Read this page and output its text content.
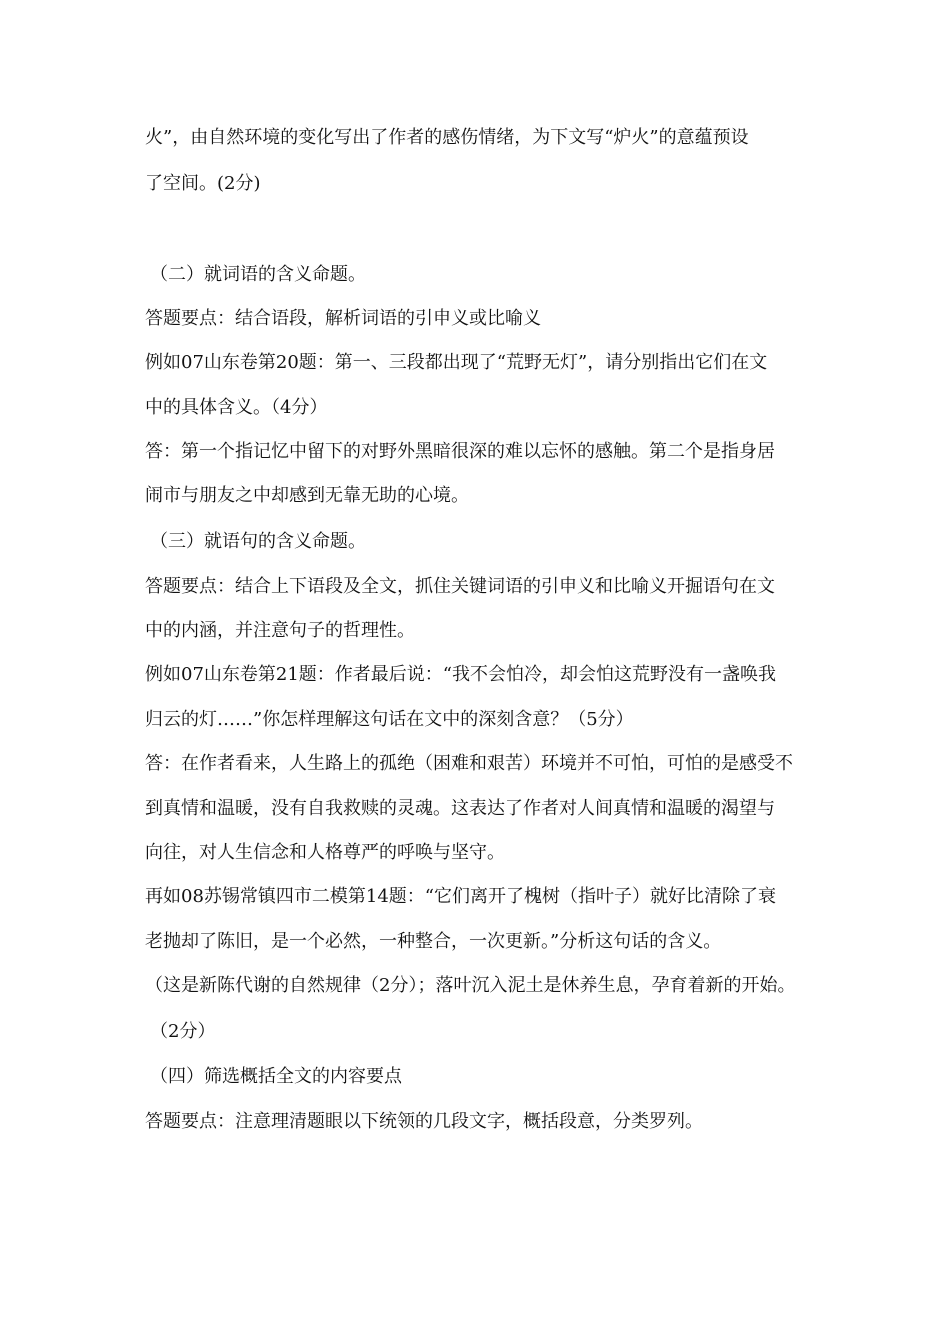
火”，由自然环境的变化写出了作者的感伤情绪，为下文写“炉火”的意蕴预设
了空间。(2分)
（二）就词语的含义命题。
答题要点：结合语段，解析词语的引申义或比喻义
例如07山东卷第20题：第一、三段都出现了“荒野无灯”，请分别指出它们在文
中的具体含义。（4分）
答：第一个指记忆中留下的对野外黑暗很深的难以忘怀的感触。第二个是指身居
闹市与朋友之中却感到无靠无助的心境。
（三）就语句的含义命题。
答题要点：结合上下语段及全文，抓住关键词语的引申义和比喻义开掘语句在文
中的内涵，并注意句子的哲理性。
例如07山东卷第21题：作者最后说：“我不会怕冷，却会怕这荒野没有一盏唤我
归云的灯……”你怎样理解这句话在文中的深刻含意？（5分）
答：在作者看来，人生路上的孤绝（困难和艰苦）环境并不可怕，可怕的是感受不
到真情和温暖，没有自我救赎的灵魂。这表达了作者对人间真情和温暖的渴望与
向往，对人生信念和人格尊严的呼唤与坚守。
再如08苏锡常镇四市二模第14题：“它们离开了槐树（指叶子）就好比清除了衰
老抛却了陈旧，是一个必然，一种整合，一次更新。”分析这句话的含义。
（这是新陈代谢的自然规律（2分）；落叶沉入泥土是休养生息，孕育着新的开始。
（2分）
（四）筛选概括全文的内容要点
答题要点：注意理清题眼以下统领的几段文字，概括段意，分类罗列。
